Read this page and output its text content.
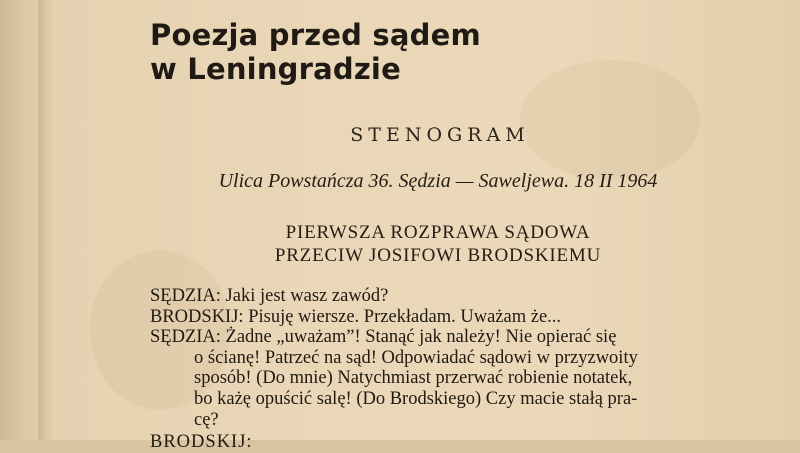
Poezja przed sądem
w Leningradzie
STENOGRAM
Ulica Powstańcza 36. Sędzia — Saweljewa. 18 II 1964
PIERWSZA ROZPRAWA SĄDOWA
PRZECIW JOSIFOWI BRODSKIEMU
SĘDZIA: Jaki jest wasz zawód?
BRODSKIJ: Pisuję wiersze. Przekładam. Uważam że...
SĘDZIA: Żadne „uważam”! Stanąć jak należy! Nie opierać się
o ścianę! Patrzeć na sąd! Odpowiadać sądowi w przyzwoity
sposób! (Do mnie) Natychmiast przerwać robienie notatek,
bo każę opuścić salę! (Do Brodskiego) Czy macie stałą pra-
cę?
BRODSKIJ:
